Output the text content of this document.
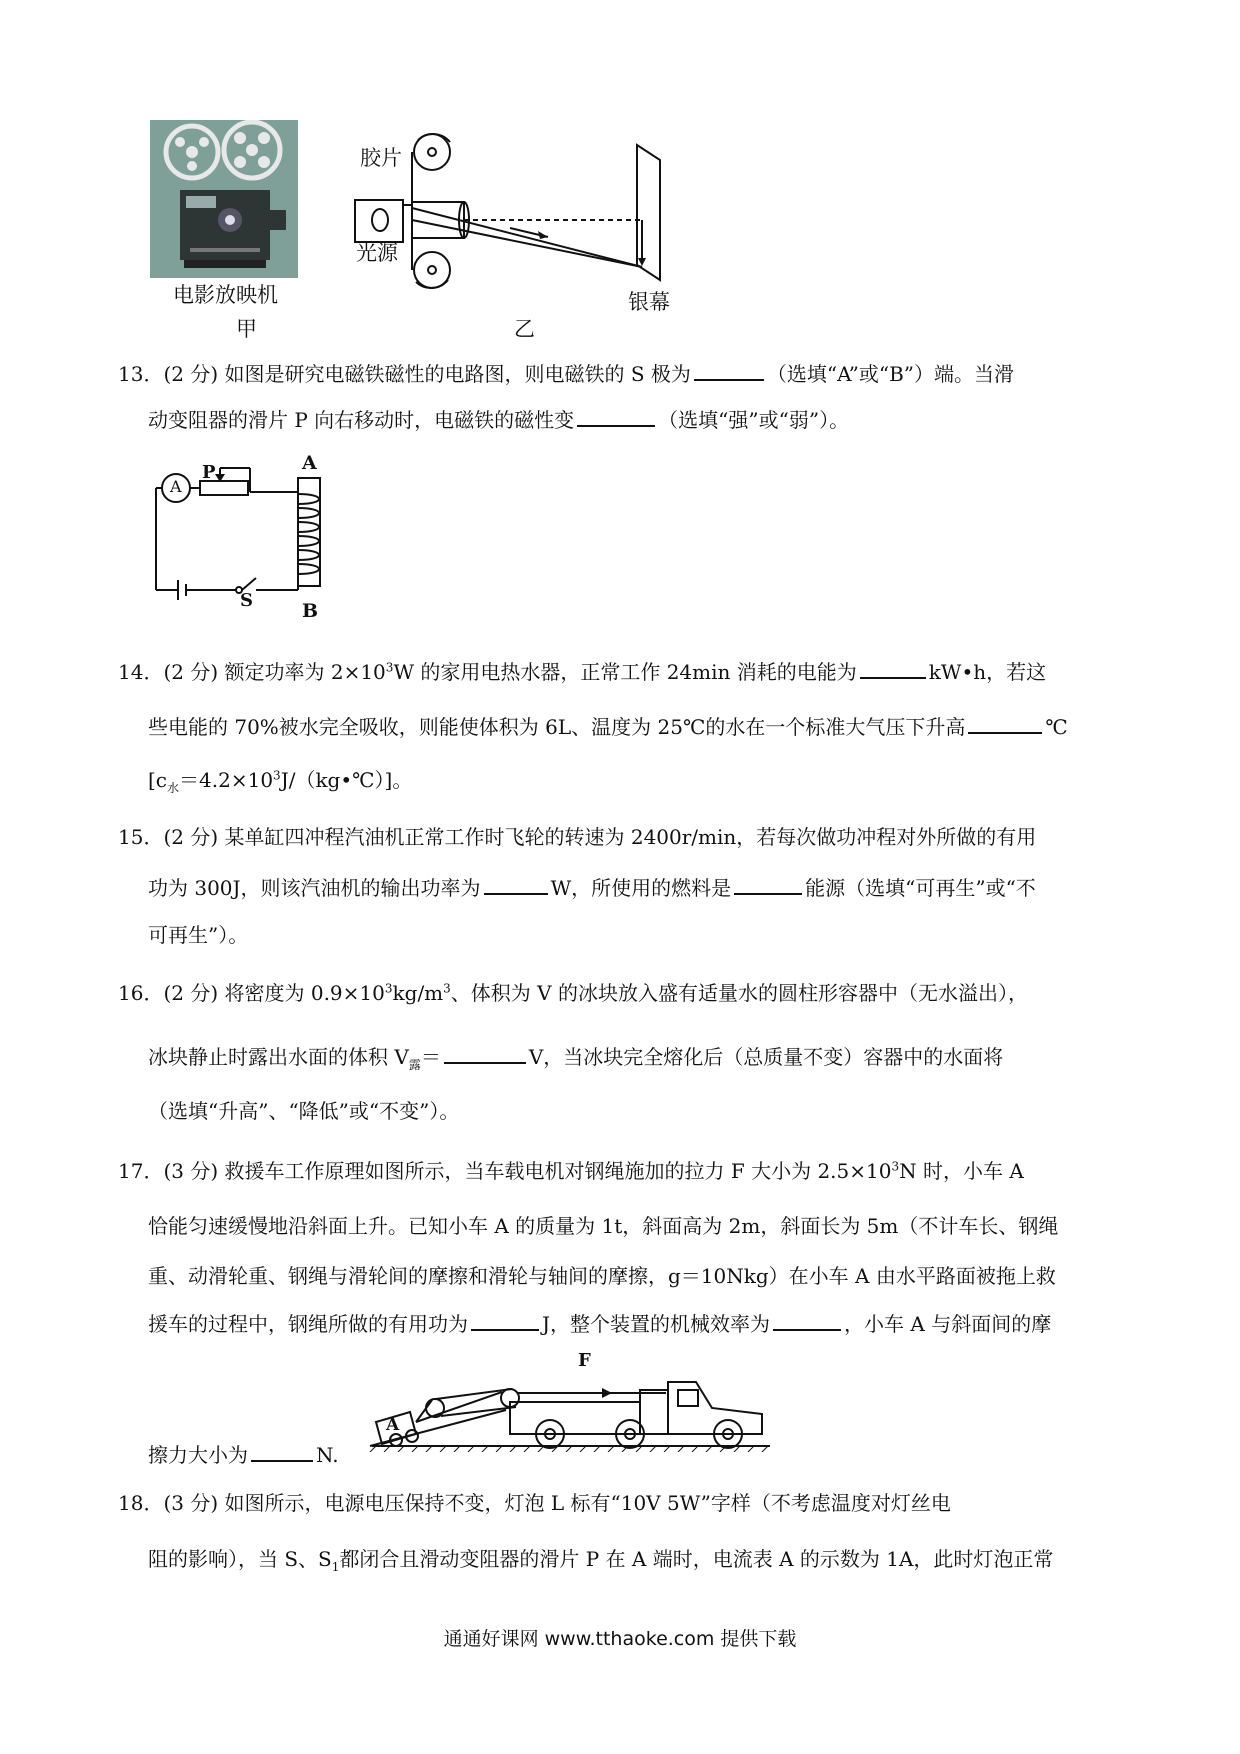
电影放映机
甲
胶片
光源
银幕
乙
13．(2 分) 如图是研究电磁铁磁性的电路图，则电磁铁的 S 极为	（选填“A”或“B”）端。当滑
动变阻器的滑片 P 向右移动时，电磁铁的磁性变	（选填“强”或“弱”）。
A
P	A
B
S
14．(2 分) 额定功率为 $2\times 10^3W$ 的家用电热水器，正常工作 24min 消耗的电能为	kW•h，若这
些电能的 70%被水完全吸收，则能使体积为 6L、温度为 25℃的水在一个标准大气压下升高	℃
$[c_水=4.2\times 10^3J/(kg•℃)]$。
15．(2 分) 某单缸四冲程汽油机正常工作时飞轮的转速为 2400r/min，若每次做功冲程对外所做的有用
功为 300J，则该汽油机的输出功率为	W，所使用的燃料是	能源（选填“可再生”或“不
可再生”）。
16．(2 分) 将密度为 $0.9\times 10^3kg/m^3$、体积为 V 的冰块放入盛有适量水的圆柱形容器中（无水溢出），
冰块静止时露出水面的体积 $V_露=$	V，当冰块完全熔化后（总质量不变）容器中的水面将
（选填“升高”、“降低”或“不变”）。
17．(3 分) 救援车工作原理如图所示，当车载电机对钢绳施加的拉力 F 大小为 $2.5\times 10^3N$ 时，小车 A
恰能匀速缓慢地沿斜面上升。已知小车 A 的质量为 1t，斜面高为 2m，斜面长为 5m（不计车长、钢绳
重、动滑轮重、钢绳与滑轮间的摩擦和滑轮与轴间的摩擦，g＝10Nkg）在小车 A 由水平路面被拖上救
援车的过程中，钢绳所做的有用功为	J，整个装置的机械效率为	，小车 A 与斜面间的摩
F
A
擦力大小为	N.
18．(3 分) 如图所示，电源电压保持不变，灯泡 L 标有“10V 5W”字样（不考虑温度对灯丝电
阻的影响），当 S、$S_1$都闭合且滑动变阻器的滑片 P 在 A 端时，电流表 A 的示数为 1A，此时灯泡正常
通通好课网 www.tthaoke.com 提供下载
